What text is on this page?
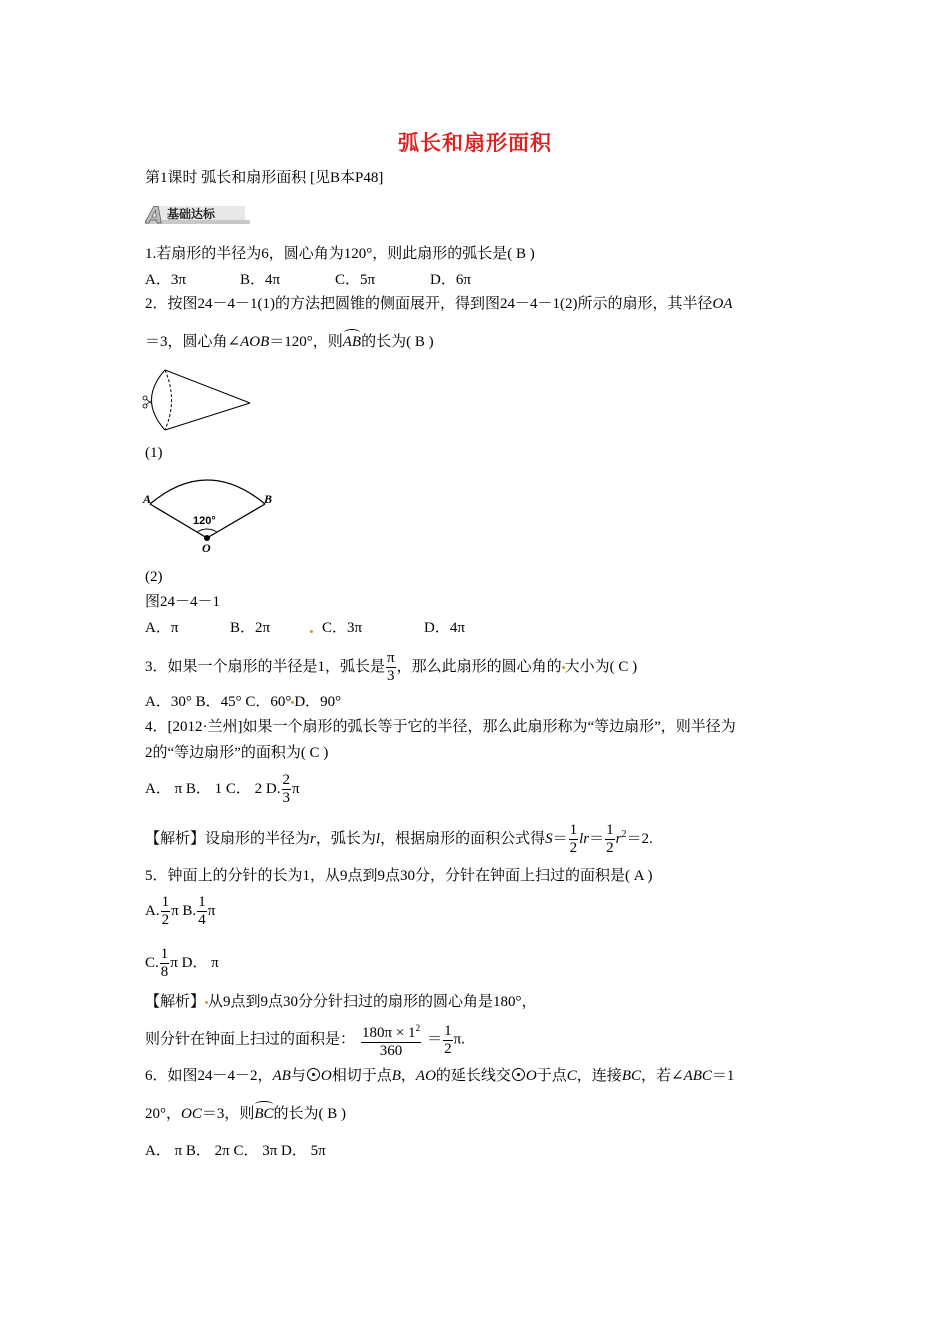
弧长和扇形面积
第1课时 弧长和扇形面积 [见B本P48]
A 基础达标
1.若扇形的半径为6，圆心角为120°，则此扇形的弧长是( B )
A．3π	B．4π	C．5π	D．6π
2．按图24－4－1(1)的方法把圆锥的侧面展开，得到图24－4－1(2)所示的扇形，其半径OA
＝3，圆心角∠AOB＝120°，则AB的长为( B )
(1)
A	B
O
120°
(2)
图24－4－1
A．π	B．2π	C．3π	D．4π
3．如果一个扇形的半径是1，弧长是 $\frac{\pi}{3}$ ，那么此扇形的圆心角的 大小为( C )
A．30° B．45° C．60° D．90°
4．[2012·兰州]如果一个扇形的弧长等于它的半径，那么此扇形称为“等边扇形”，则半径为
2的“等边扇形”的面积为( C )
A． π B． 1 C． 2 D. $\frac{2}{3}$ π
【解析】设扇形的半径为r，弧长为l，根据扇形的面积公式得$S= \frac{1}{2} lr= \frac{1}{2} r^2=2$.
5．钟面上的分针的长为1，从9点到9点30分，分针在钟面上扫过的面积是( A )
A. $\frac{1}{2}$ π B. $\frac{1}{4}$ π
C. $\frac{1}{8}$ π D． π
【解析】 从9点到9点30分分针扫过的扇形的圆心角是180°，
则分针在钟面上扫过的面积是： $\frac{180\pi \times 1^2}{360} = \frac{1}{2} \pi$.
6．如图24－4－2，AB与 O相切于点B，AO的延长线交 O于点C，连接BC，若∠ABC＝1
20°，OC＝3，则BC的长为( B )
A． π B． 2π C． 3π D． 5π
